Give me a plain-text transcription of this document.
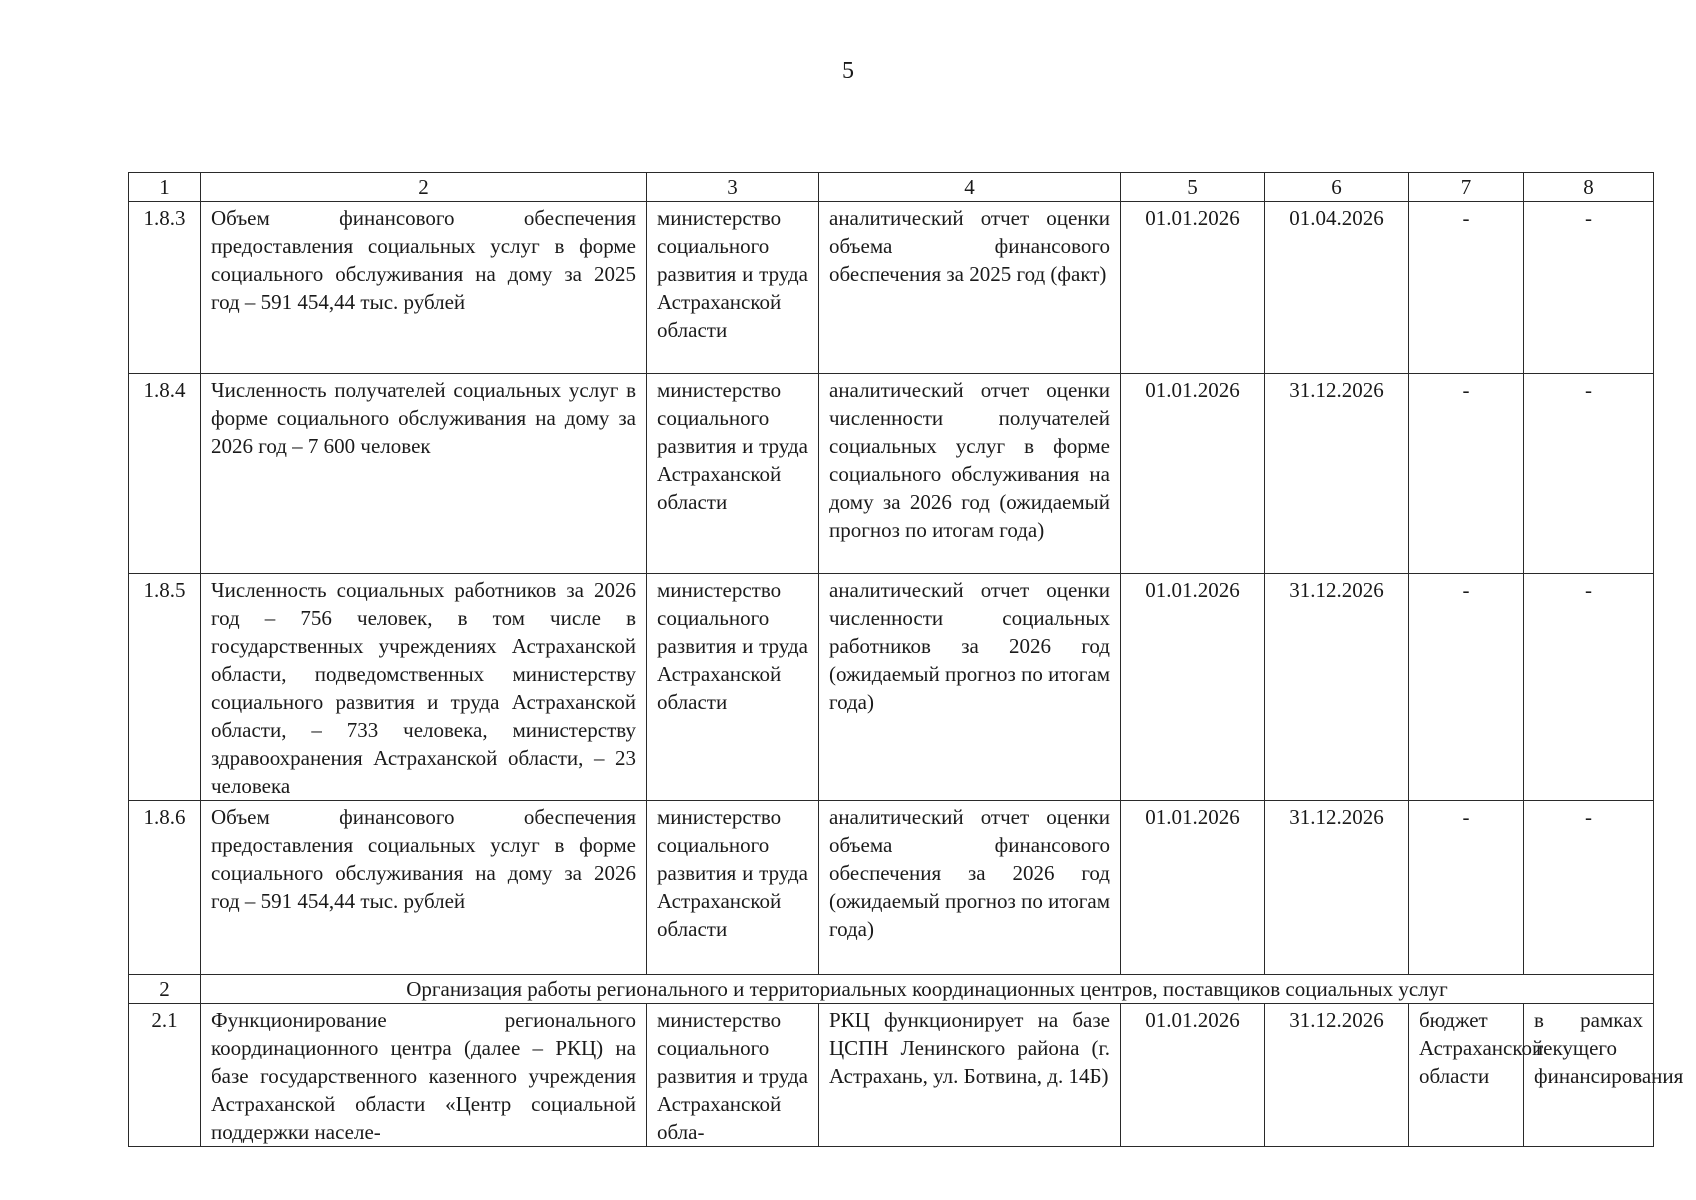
5
1	2	3	4	5	6	7	8
1.8.3	Объем финансового обеспечения предоставления социальных услуг в форме социального обслуживания на дому за 2025 год – 591 454,44 тыс. рублей	министерство социального развития и труда Астраханской области	аналитический отчет оценки объема финансового обеспечения за 2025 год (факт)	01.01.2026	01.04.2026	-	-
1.8.4	Численность получателей социальных услуг в форме социального обслуживания на дому за 2026 год – 7 600 человек	министерство социального развития и труда Астраханской области	аналитический отчет оценки численности получателей социальных услуг в форме социального обслуживания на дому за 2026 год (ожидаемый прогноз по итогам года)	01.01.2026	31.12.2026	-	-
1.8.5	Численность социальных работников за 2026 год – 756 человек, в том числе в государственных учреждениях Астраханской области, подведомственных министерству социального развития и труда Астраханской области, – 733 человека, министерству здравоохранения Астраханской области, – 23 человека	министерство социального развития и труда Астраханской области	аналитический отчет оценки численности социальных работников за 2026 год (ожидаемый прогноз по итогам года)	01.01.2026	31.12.2026	-	-
1.8.6	Объем финансового обеспечения предоставления социальных услуг в форме социального обслуживания на дому за 2026 год – 591 454,44 тыс. рублей	министерство социального развития и труда Астраханской области	аналитический отчет оценки объема финансового обеспечения за 2026 год (ожидаемый прогноз по итогам года)	01.01.2026	31.12.2026	-	-
2	Организация работы регионального и территориальных координационных центров, поставщиков социальных услуг						
2.1	Функционирование регионального координационного центра (далее – РКЦ) на базе государственного казенного учреждения Астраханской области «Центр социальной поддержки населе-	министерство социального развития и труда Астраханской обла-	РКЦ функционирует на базе ЦСПН Ленинского района (г. Астрахань, ул. Ботвина, д. 14Б)	01.01.2026	31.12.2026	бюджет Астраханской области	в рамках текущего финансирования
